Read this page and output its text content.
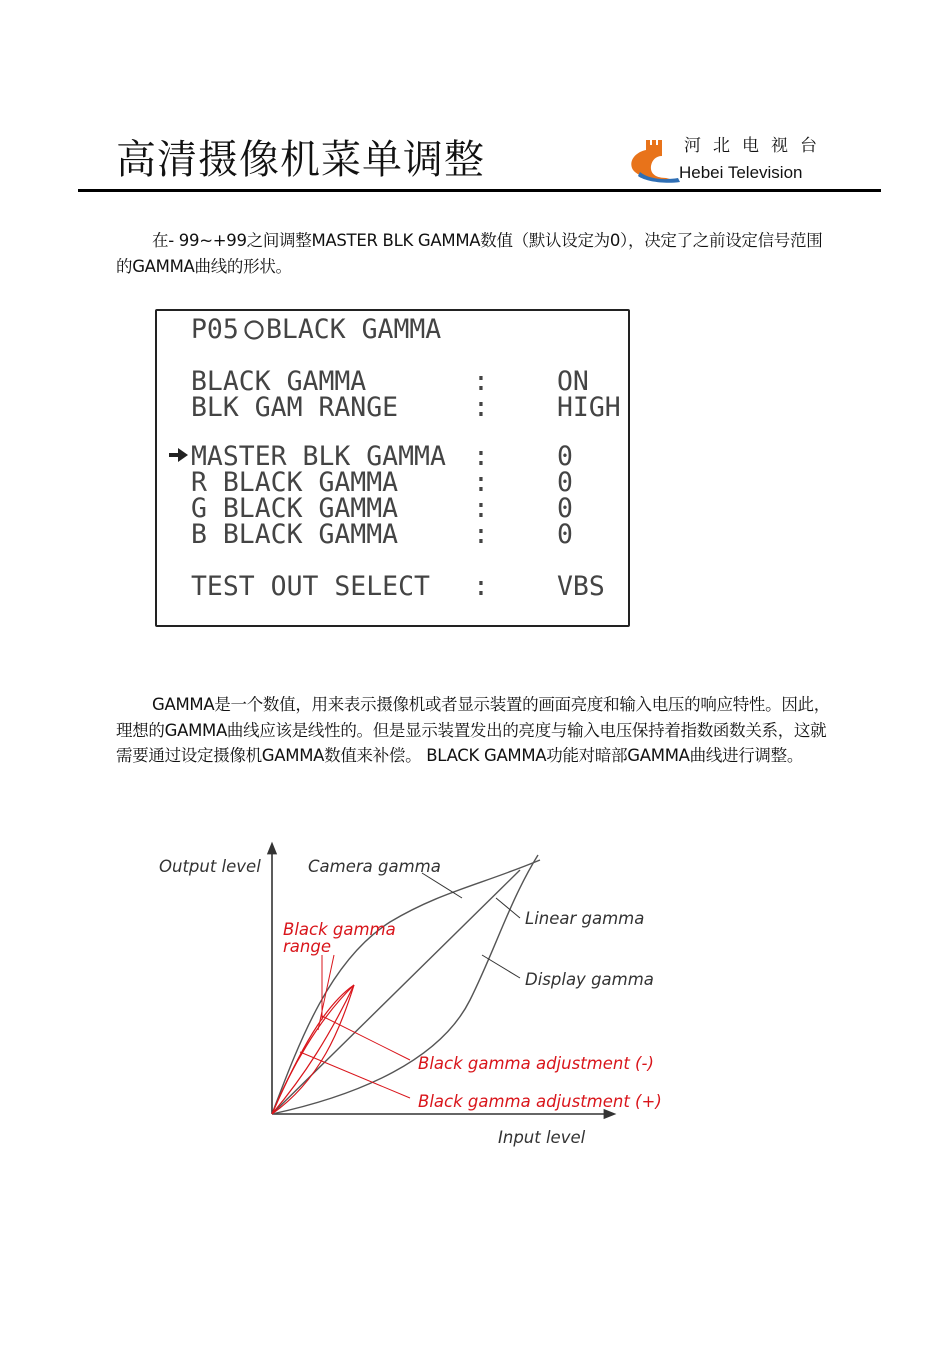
高清摄像机菜单调整	河北电视台
Hebei Television
在- 99~+99之间调整MASTER BLK GAMMA数值（默认设定为0），决定了之前设定信号范围的GAMMA曲线的形状。
P05 BLACK GAMMA
BLACK GAMMA	:	ON
BLK GAM RANGE	:	HIGH
MASTER BLK GAMMA :	0
R BLACK GAMMA	:	0
G BLACK GAMMA	:	0
B BLACK GAMMA	:	0
TEST OUT SELECT :	VBS
GAMMA是一个数值，用来表示摄像机或者显示装置的画面亮度和输入电压的响应特性。因此，理想的GAMMA曲线应该是线性的。但是显示装置发出的亮度与输入电压保持着指数函数关系，这就需要通过设定摄像机GAMMA数值来补偿。 BLACK GAMMA功能对暗部GAMMA曲线进行调整。
Output level	Camera gamma
Linear gamma
Display gamma
Black gamma
range
Black gamma adjustment (-)
Black gamma adjustment (+)
Input level
